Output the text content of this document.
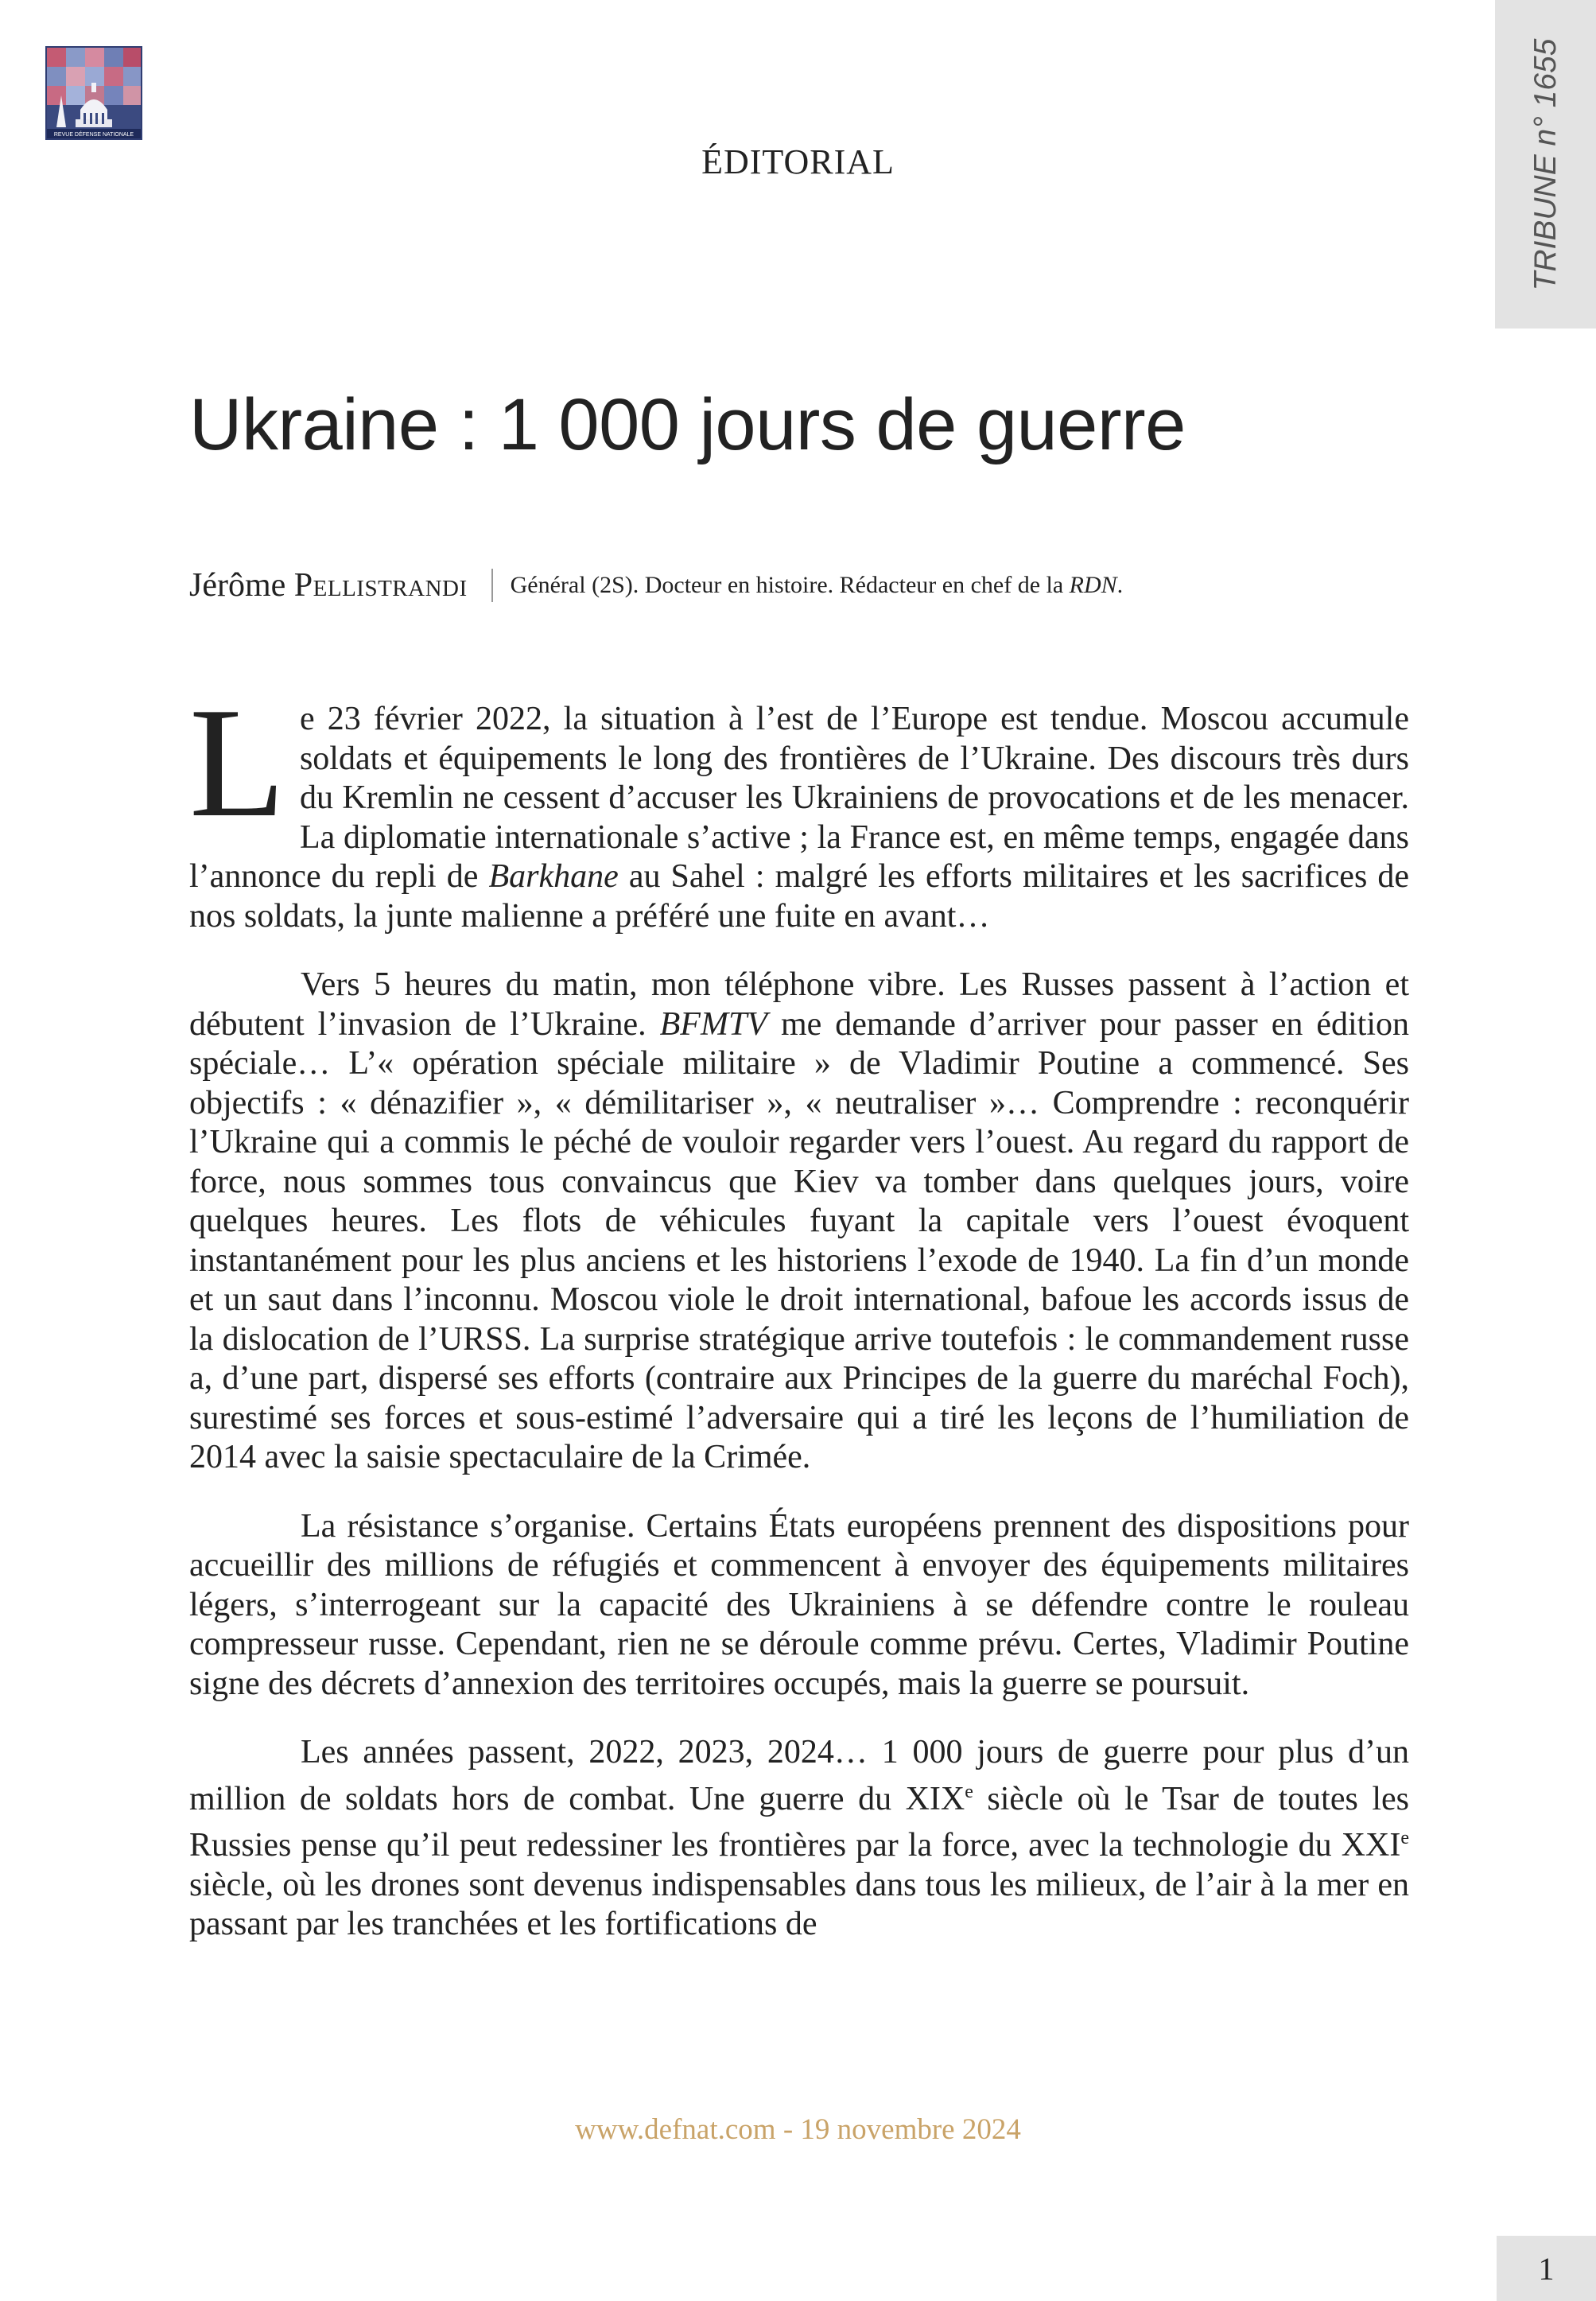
REVUE DÉFENSE NATIONALE	TRIBUNE n° 1655
ÉDITORIAL
Ukraine : 1 000 jours de guerre
Jérôme Pellistrandi Général (2S). Docteur en histoire. Rédacteur en chef de la RDN.

Le 23 février 2022, la situation à l’est de l’Europe est tendue. Moscou accumule soldats et équipements le long des frontières de l’Ukraine. Des discours très durs du Kremlin ne cessent d’accuser les Ukrainiens de provocations et de les menacer. La diplomatie internationale s’active ; la France est, en même temps, engagée dans l’annonce du repli de Barkhane au Sahel : malgré les efforts militaires et les sacrifices de nos soldats, la junte malienne a préféré une fuite en avant…

Vers 5 heures du matin, mon téléphone vibre. Les Russes passent à l’action et débutent l’invasion de l’Ukraine. BFMTV me demande d’arriver pour passer en édition spéciale… L’« opération spéciale militaire » de Vladimir Poutine a commencé. Ses objectifs : « dénazifier », « démilitariser », « neutraliser »… Comprendre : reconquérir l’Ukraine qui a commis le péché de vouloir regarder vers l’ouest. Au regard du rapport de force, nous sommes tous convaincus que Kiev va tomber dans quelques jours, voire quelques heures. Les flots de véhicules fuyant la capitale vers l’ouest évoquent instantanément pour les plus anciens et les historiens l’exode de 1940. La fin d’un monde et un saut dans l’inconnu. Moscou viole le droit international, bafoue les accords issus de la dislocation de l’URSS. La surprise stratégique arrive toutefois : le commandement russe a, d’une part, dispersé ses efforts (contraire aux Principes de la guerre du maréchal Foch), surestimé ses forces et sous-estimé l’adversaire qui a tiré les leçons de l’humiliation de 2014 avec la saisie spectaculaire de la Crimée.

La résistance s’organise. Certains États européens prennent des dispositions pour accueillir des millions de réfugiés et commencent à envoyer des équipements militaires légers, s’interrogeant sur la capacité des Ukrainiens à se défendre contre le rouleau compresseur russe. Cependant, rien ne se déroule comme prévu. Certes, Vladimir Poutine signe des décrets d’annexion des territoires occupés, mais la guerre se poursuit.

Les années passent, 2022, 2023, 2024… 1 000 jours de guerre pour plus d’un million de soldats hors de combat. Une guerre du XIXe siècle où le Tsar de toutes les Russies pense qu’il peut redessiner les frontières par la force, avec la technologie du XXIe siècle, où les drones sont devenus indispensables dans tous les milieux, de l’air à la mer en passant par les tranchées et les fortifications de

www.defnat.com - 19 novembre 2024
1
